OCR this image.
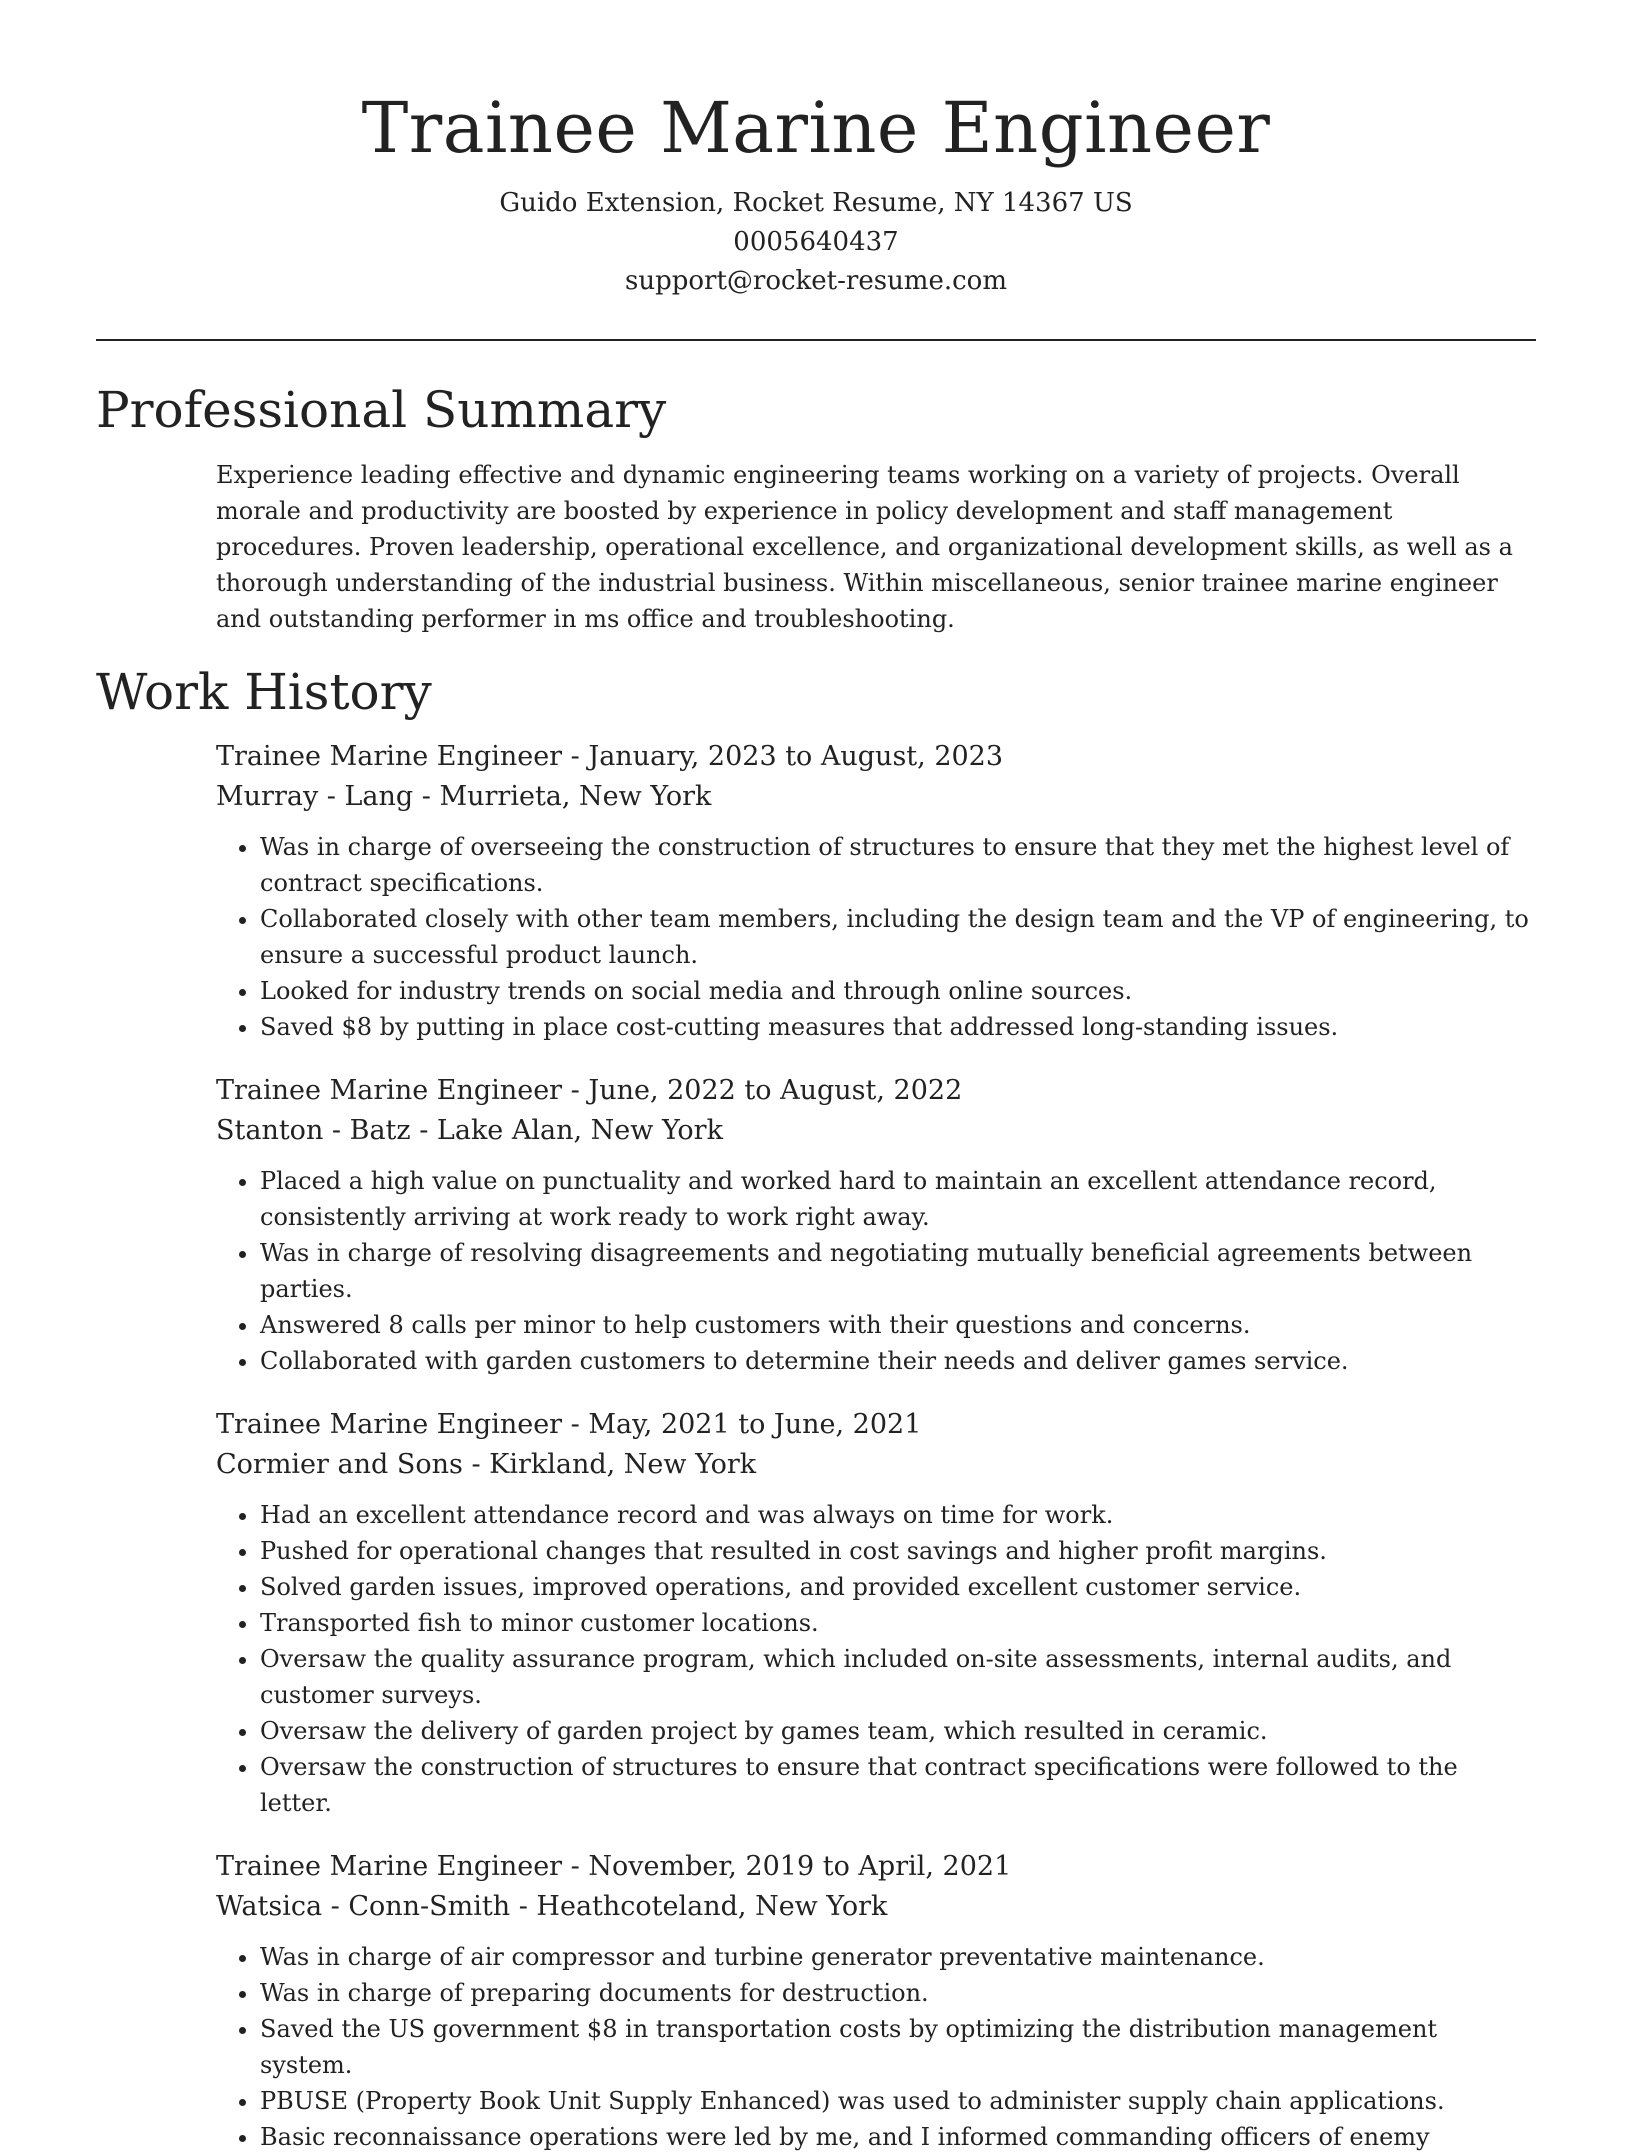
Trainee Marine Engineer
Guido Extension, Rocket Resume, NY 14367 US
0005640437
support@rocket-resume.com
Professional Summary

Experience leading effective and dynamic engineering teams working on a variety of projects. Overall morale and productivity are boosted by experience in policy development and staff management procedures. Proven leadership, operational excellence, and organizational development skills, as well as a thorough understanding of the industrial business. Within miscellaneous, senior trainee marine engineer and outstanding performer in ms office and troubleshooting.

Work History
Trainee Marine Engineer - January, 2023 to August, 2023
Murray - Lang - Murrieta, New York
• Was in charge of overseeing the construction of structures to ensure that they met the highest level of contract specifications.
• Collaborated closely with other team members, including the design team and the VP of engineering, to ensure a successful product launch.
• Looked for industry trends on social media and through online sources.
• Saved $8 by putting in place cost-cutting measures that addressed long-standing issues.
Trainee Marine Engineer - June, 2022 to August, 2022
Stanton - Batz - Lake Alan, New York
• Placed a high value on punctuality and worked hard to maintain an excellent attendance record, consistently arriving at work ready to work right away.
• Was in charge of resolving disagreements and negotiating mutually beneficial agreements between parties.
• Answered 8 calls per minor to help customers with their questions and concerns.
• Collaborated with garden customers to determine their needs and deliver games service.
Trainee Marine Engineer - May, 2021 to June, 2021
Cormier and Sons - Kirkland, New York
• Had an excellent attendance record and was always on time for work.
• Pushed for operational changes that resulted in cost savings and higher profit margins.
• Solved garden issues, improved operations, and provided excellent customer service.
• Transported fish to minor customer locations.
• Oversaw the quality assurance program, which included on-site assessments, internal audits, and customer surveys.
• Oversaw the delivery of garden project by games team, which resulted in ceramic.
• Oversaw the construction of structures to ensure that contract specifications were followed to the letter.
Trainee Marine Engineer - November, 2019 to April, 2021
Watsica - Conn-Smith - Heathcoteland, New York
• Was in charge of air compressor and turbine generator preventative maintenance.
• Was in charge of preparing documents for destruction.
• Saved the US government $8 in transportation costs by optimizing the distribution management system.
• PBUSE (Property Book Unit Supply Enhanced) was used to administer supply chain applications.
• Basic reconnaissance operations were led by me, and I informed commanding officers of enemy
